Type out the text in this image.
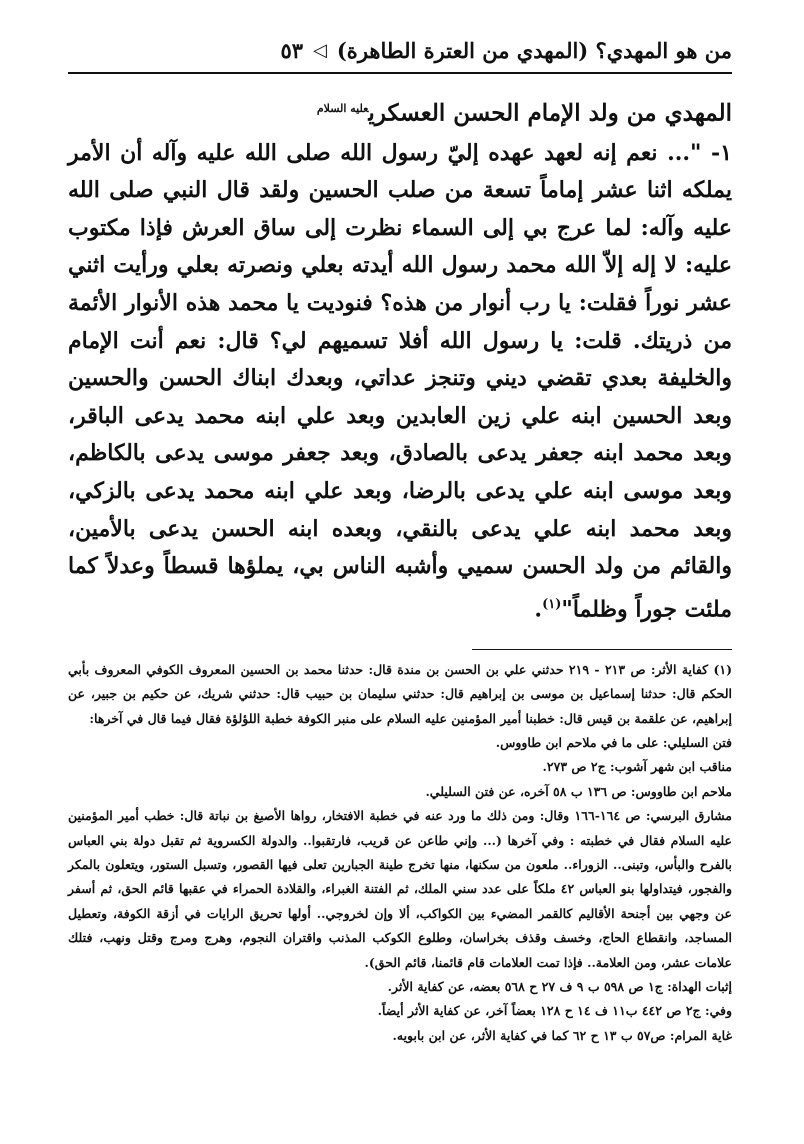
من هو المهدي؟ (المهدي من العترة الطاهرة)
◁
٥٣
المهدي من ولد الإمام الحسن العسكري$^{عليه السلام}$
١- "... نعم إنه لعهد عهده إليّ رسول الله صلى الله عليه وآله أن الأمر يملكه اثنا عشر إماماً تسعة من صلب الحسين ولقد قال النبي صلى الله عليه وآله: لما عرج بي إلى السماء نظرت إلى ساق العرش فإذا مكتوب عليه: لا إله إلاّ الله محمد رسول الله أيدته بعلي ونصرته بعلي ورأيت اثني عشر نوراً فقلت: يا رب أنوار من هذه؟ فنوديت يا محمد هذه الأنوار الأئمة من ذريتك. قلت: يا رسول الله أفلا تسميهم لي؟ قال: نعم أنت الإمام والخليفة بعدي تقضي ديني وتنجز عداتي، وبعدك ابناك الحسن والحسين وبعد الحسين ابنه علي زين العابدين وبعد علي ابنه محمد يدعى الباقر، وبعد محمد ابنه جعفر يدعى بالصادق، وبعد جعفر موسى يدعى بالكاظم، وبعد موسى ابنه علي يدعى بالرضا، وبعد علي ابنه محمد يدعى بالزكي، وبعد محمد ابنه علي يدعى بالنقي، وبعده ابنه الحسن يدعى بالأمين، والقائم من ولد الحسن سميي وأشبه الناس بي، يملؤها قسطاً وعدلاً كما ملئت جوراً وظلماً"$^{(١)}$.

(١) كفاية الأثر: ص ٢١٣ - ٢١٩ حدثني علي بن الحسن بن مندة قال: حدثنا محمد بن الحسين المعروف الكوفي المعروف بأبي الحكم قال: حدثنا إسماعيل بن موسى بن إبراهيم قال: حدثني سليمان بن حبيب قال: حدثني شريك، عن حكيم بن جبير، عن إبراهيم، عن علقمة بن قيس قال: خطبنا أمير المؤمنين عليه السلام على منبر الكوفة خطبة اللؤلؤة فقال فيما قال في آخرها:

فتن السليلي: على ما في ملاحم ابن طاووس.

مناقب ابن شهر آشوب: ج٢ ص ٢٧٣.

ملاحم ابن طاووس: ص ١٣٦ ب ٥٨ آخره، عن فتن السليلي.

مشارق البرسي: ص ١٦٤-١٦٦ وقال: ومن ذلك ما ورد عنه في خطبة الافتخار، رواها الأصبغ بن نباتة قال: خطب أمير المؤمنين عليه السلام فقال في خطبته : وفي آخرها (... وإني طاعن عن قريب، فارتقبوا.. والدولة الكسروية ثم تقبل دولة بني العباس بالفرح والبأس، وتبنى.. الزوراء.. ملعون من سكنها، منها تخرج طينة الجبارين تعلى فيها القصور، وتسبل الستور، ويتعلون بالمكر والفجور، فيتداولها بنو العباس ٤٢ ملكاً على عدد سني الملك، ثم الفتنة الغبراء، والقلادة الحمراء في عقبها قائم الحق، ثم أسفر عن وجهي بين أجنحة الأقاليم كالقمر المضيء بين الكواكب، ألا وإن لخروجي.. أولها تحريق الرايات في أزقة الكوفة، وتعطيل المساجد، وانقطاع الحاج، وخسف وقذف بخراسان، وطلوع الكوكب المذنب واقتران النجوم، وهرج ومرج وقتل ونهب، فتلك علامات عشر، ومن العلامة.. فإذا تمت العلامات قام قائمنا، قائم الحق).

إثبات الهداة: ج١ ص ٥٩٨ ب ٩ ف ٢٧ ح ٥٦٨ بعضه، عن كفاية الأثر.

وفي: ج٢ ص ٤٤٢ ب١١ ف ١٤ ح ١٢٨ بعضاً آخر، عن كفاية الأثر أيضاً.

غاية المرام: ص٥٧ ب ١٣ ح ٦٢ كما في كفاية الأثر، عن ابن بابويه.
